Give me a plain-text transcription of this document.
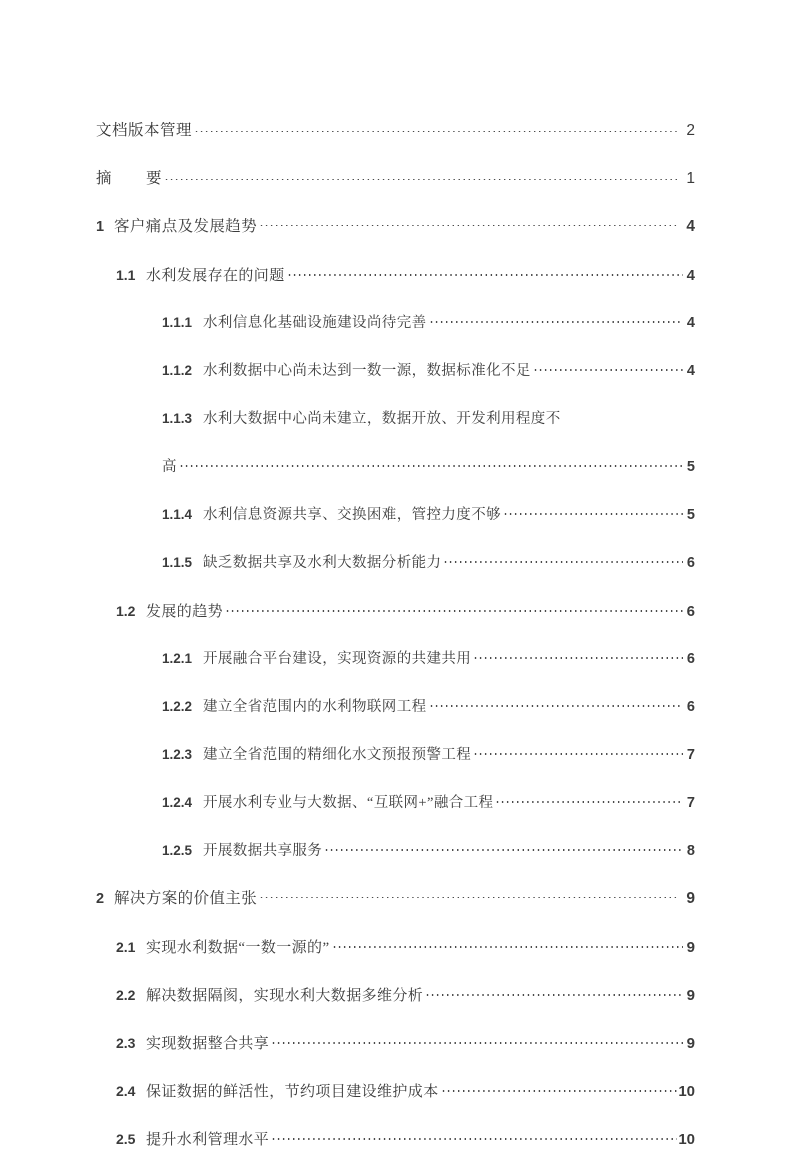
文档版本管理	2
摘 要	1
1 客户痛点及发展趋势	4
1.1 水利发展存在的问题	4
1.1.1 水利信息化基础设施建设尚待完善	4
1.1.2 水利数据中心尚未达到一数一源，数据标准化不足	4
1.1.3 水利大数据中心尚未建立，数据开放、开发利用程度不
高	5
1.1.4 水利信息资源共享、交换困难，管控力度不够	5
1.1.5 缺乏数据共享及水利大数据分析能力	6
1.2 发展的趋势	6
1.2.1 开展融合平台建设，实现资源的共建共用	6
1.2.2 建立全省范围内的水利物联网工程	6
1.2.3 建立全省范围的精细化水文预报预警工程	7
1.2.4 开展水利专业与大数据、“互联网+”融合工程	7
1.2.5 开展数据共享服务	8
2 解决方案的价值主张	9
2.1 实现水利数据“一数一源的”	9
2.2 解决数据隔阂，实现水利大数据多维分析	9
2.3 实现数据整合共享	9
2.4 保证数据的鲜活性，节约项目建设维护成本	10
2.5 提升水利管理水平	10
